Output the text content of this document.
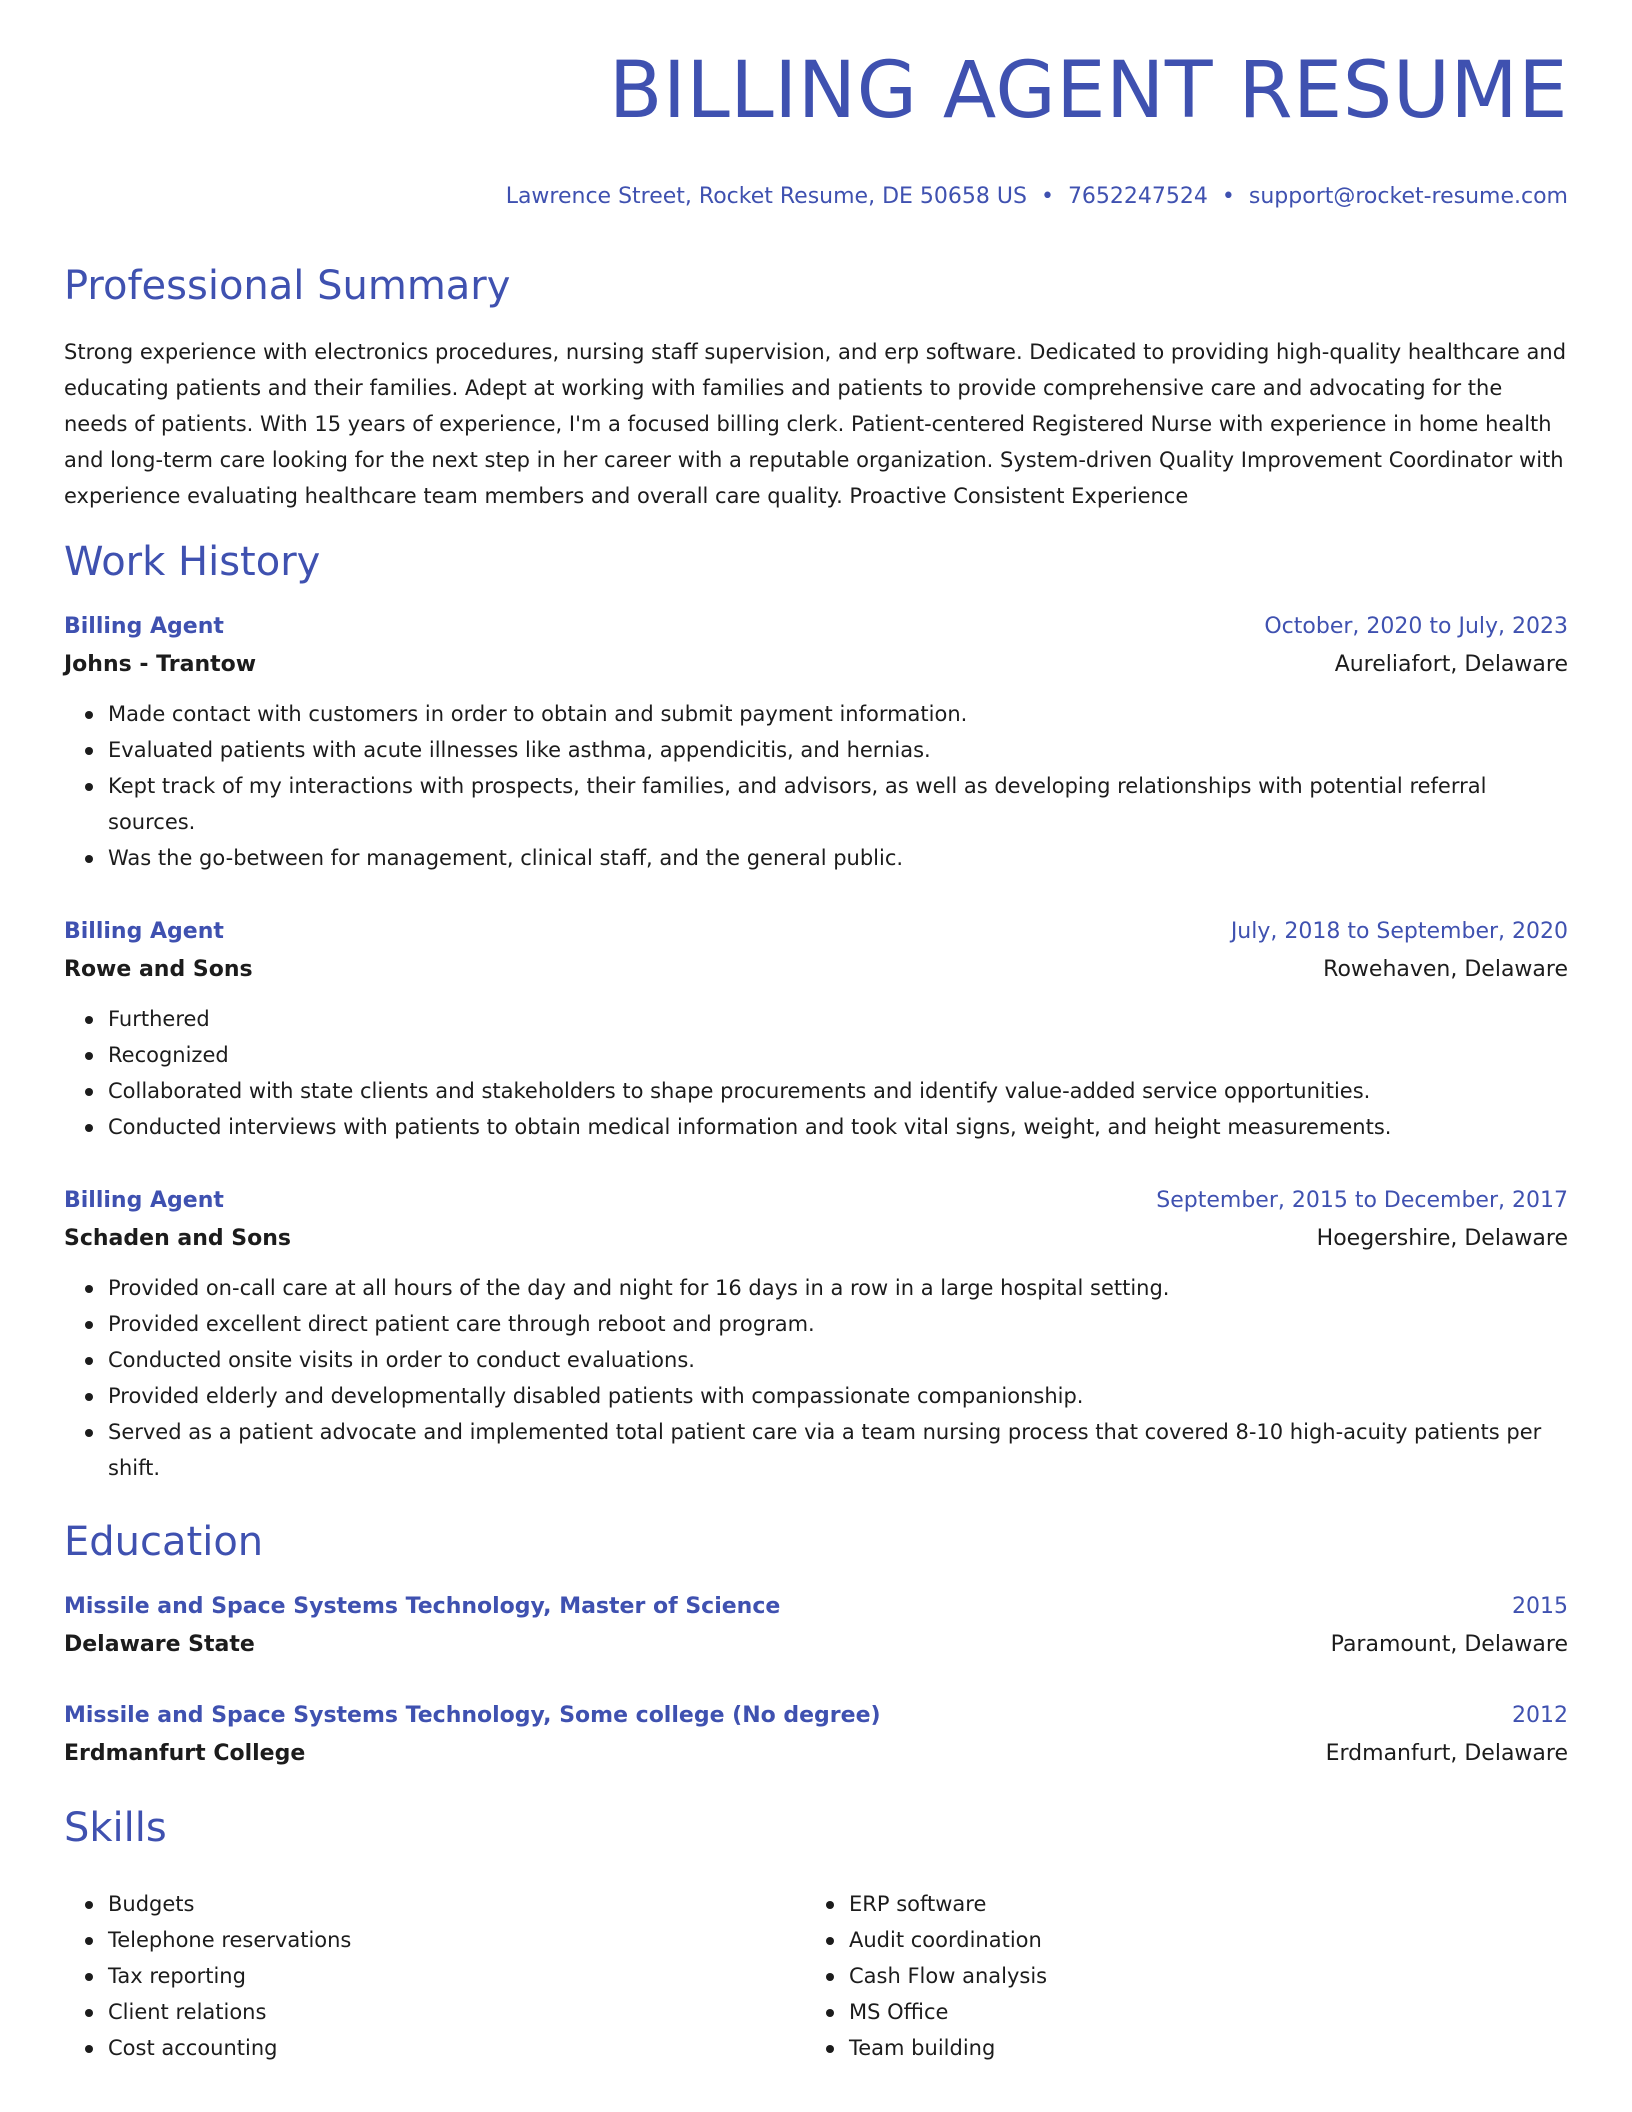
BILLING AGENT RESUME
Lawrence Street, Rocket Resume, DE 50658 US • 7652247524 • support@rocket-resume.com
Professional Summary

Strong experience with electronics procedures, nursing staff supervision, and erp software. Dedicated to providing high-quality healthcare and educating patients and their families. Adept at working with families and patients to provide comprehensive care and advocating for the needs of patients. With 15 years of experience, I'm a focused billing clerk. Patient-centered Registered Nurse with experience in home health and long-term care looking for the next step in her career with a reputable organization. System-driven Quality Improvement Coordinator with experience evaluating healthcare team members and overall care quality. Proactive Consistent Experience

Work History
Billing Agent	October, 2020 to July, 2023
Johns - Trantow	Aureliafort, Delaware
Made contact with customers in order to obtain and submit payment information.
Evaluated patients with acute illnesses like asthma, appendicitis, and hernias.
Kept track of my interactions with prospects, their families, and advisors, as well as developing relationships with potential referral sources.
Was the go-between for management, clinical staff, and the general public.
Billing Agent	July, 2018 to September, 2020
Rowe and Sons	Rowehaven, Delaware
Furthered
Recognized
Collaborated with state clients and stakeholders to shape procurements and identify value-added service opportunities.
Conducted interviews with patients to obtain medical information and took vital signs, weight, and height measurements.
Billing Agent	September, 2015 to December, 2017
Schaden and Sons	Hoegershire, Delaware
Provided on-call care at all hours of the day and night for 16 days in a row in a large hospital setting.
Provided excellent direct patient care through reboot and program.
Conducted onsite visits in order to conduct evaluations.
Provided elderly and developmentally disabled patients with compassionate companionship.
Served as a patient advocate and implemented total patient care via a team nursing process that covered 8-10 high-acuity patients per shift.
Education
Missile and Space Systems Technology, Master of Science	2015
Delaware State	Paramount, Delaware
Missile and Space Systems Technology, Some college (No degree)	2012
Erdmanfurt College	Erdmanfurt, Delaware
Skills
Budgets
Telephone reservations
Tax reporting
Client relations
Cost accounting
ERP software
Audit coordination
Cash Flow analysis
MS Office
Team building
